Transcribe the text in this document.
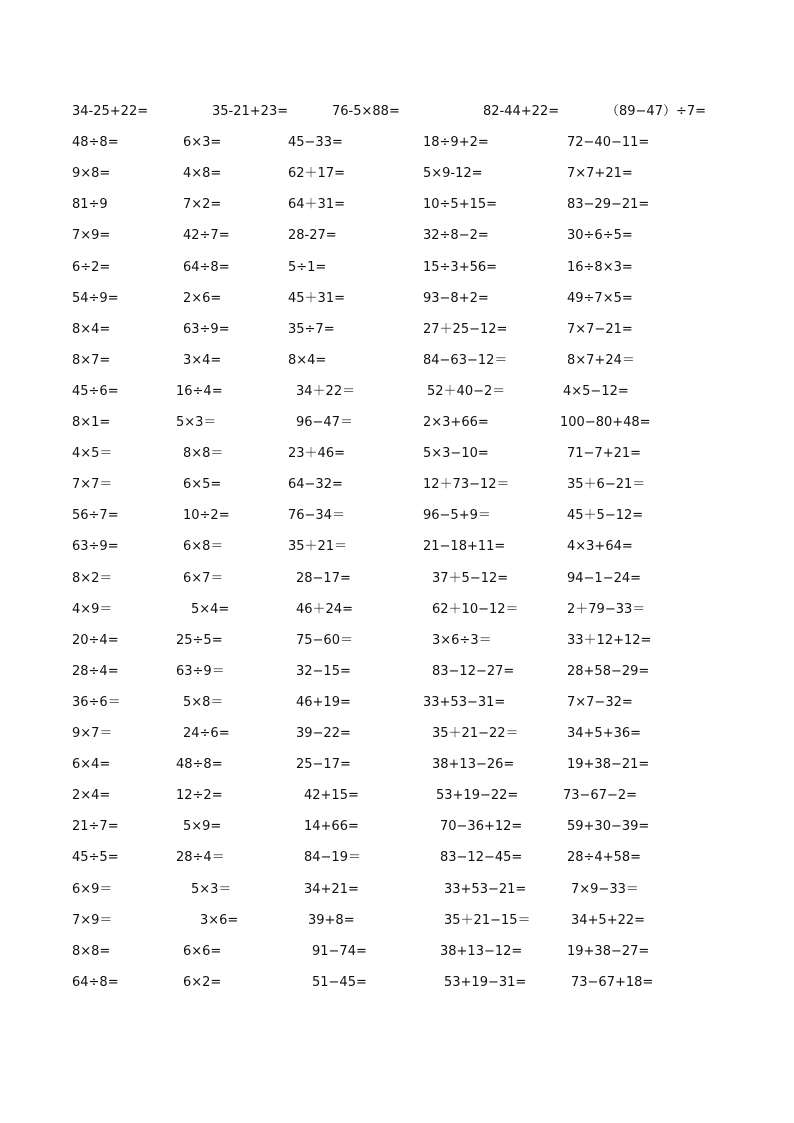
34-25+22=	35-21+23=	76-5×88=	82-44+22=	（89−47）÷7=
48÷8=	6×3=	45−33=	18÷9+2=	72−40−11=
9×8=	4×8=	62＋17=	5×9-12=	7×7+21=
81÷9	7×2=	64＋31=	10÷5+15=	83−29−21=
7×9=	42÷7=	28-27=	32÷8−2=	30÷6÷5=
6÷2=	64÷8=	5÷1=	15÷3+56=	16÷8×3=
54÷9=	2×6=	45＋31=	93−8+2=	49÷7×5=
8×4=	63÷9=	35÷7=	27＋25−12=	7×7−21=
8×7=	3×4=	8×4=	84−63−12＝	8×7+24＝
45÷6=	16÷4=	34＋22＝	52＋40−2＝	4×5−12=
8×1=	5×3＝	96−47＝	2×3+66=	100−80+48=
4×5＝	8×8＝	23＋46=	5×3−10=	71−7+21=
7×7＝	6×5=	64−32=	12＋73−12＝	35＋6−21＝
56÷7=	10÷2=	76−34＝	96−5+9＝	45＋5−12=
63÷9=	6×8＝	35＋21＝	21−18+11=	4×3+64=
8×2＝	6×7＝	28−17=	37＋5−12=	94−1−24=
4×9＝	5×4=	46＋24=	62＋10−12＝	2＋79−33＝
20÷4=	25÷5=	75−60＝	3×6÷3＝	33＋12+12=
28÷4=	63÷9＝	32−15=	83−12−27=	28+58−29=
36÷6＝	5×8＝	46+19=	33+53−31=	7×7−32=
9×7＝	24÷6=	39−22=	35＋21−22＝	34+5+36=
6×4=	48÷8=	25−17=	38+13−26=	19+38−21=
2×4=	12÷2=	42+15=	53+19−22=	73−67−2=
21÷7=	5×9=	14+66=	70−36+12=	59+30−39=
45÷5=	28÷4＝	84−19＝	83−12−45=	28÷4+58=
6×9＝	5×3＝	34+21=	33+53−21=	7×9−33＝
7×9＝	3×6=	39+8=	35＋21−15＝	34+5+22=
8×8=	6×6=	91−74=	38+13−12=	19+38−27=
64÷8=	6×2=	51−45=	53+19−31=	73−67+18=
